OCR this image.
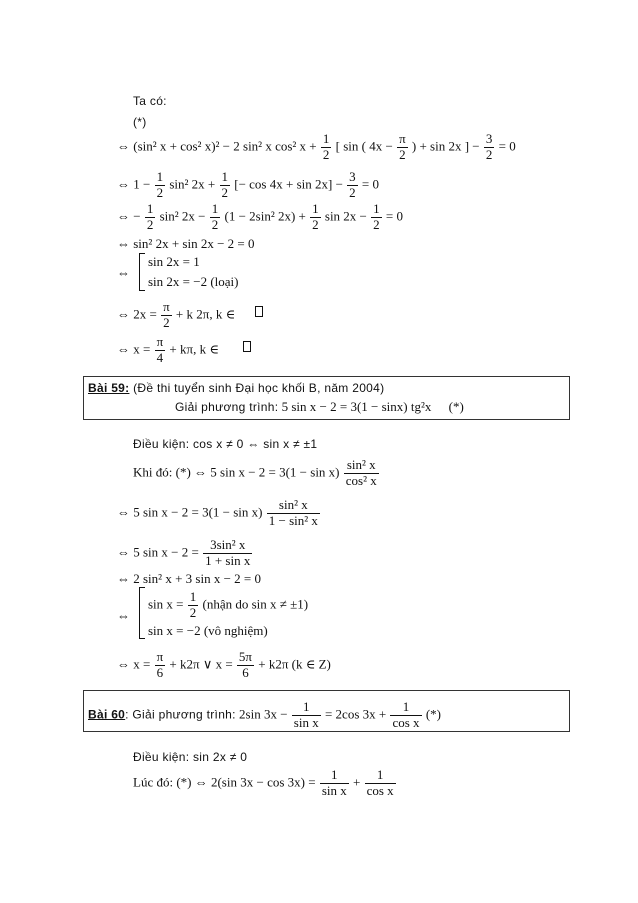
Ta có:
(*)
⇔ (sin² x + cos² x)² − 2 sin² x cos² $x + \frac{1}{2}$ [ sin ( $4x - \frac{\pi}{2}$ ) + sin 2x ] − $\frac{3}{2} = 0$
⇔ $1 - \frac{1}{2} \sin^2$ $2x + \frac{1}{2}$ [− $\cos 4x + \sin 2x] - \frac{3}{2} = 0$
⇔ − $\frac{1}{2} \sin^2$ $2x - \frac{1}{2} (1 - 2\sin^2$ $2x) + \frac{1}{2}$ $\sin 2x - \frac{1}{2} = 0$
⇔ sin² 2x + sin 2x − 2 = 0
⇔
sin 2x = 1
sin 2x = −2 (loại)
⇔ $2x = \frac{\pi}{2} + k$ 2π, k ∈
⇔ $x = \frac{\pi}{4} + k\pi$, k ∈
Bài 59: (Đề thi tuyển sinh Đại học khối B, năm 2004)
Giải phương trình: 5 sin x − 2 = 3(1 − sinx) tg²x (*)
Điều kiện: cos x ≠ 0 ⇔ sin x ≠ ±1
Khi đó: (*) ⇔ 5 $\sin x - 2 = 3(1 - \sin x) \frac{\text{sin² x}}{\text{cos² x}}$
⇔ 5 $\sin x - 2 = 3(1 - \sin x) \frac{\text{sin² x}}{\text{1 − sin² x}}$
⇔ 5 $\sin x - 2 = \frac{\text{3sin² x}}{\text{1 + sin x}}$
⇔ 2 sin² x + 3 sin x − 2 = 0
⇔
$\sin x = \frac{1}{2}$ (nhận do sin x ≠ ±1)
sin x = −2 (vô nghiệm)
⇔ $x = \frac{\pi}{6} + k2\pi$ ∨ $x = \frac{5\pi}{6} + k2\pi$ (k ∈ Z)
Bài 60: Giải phương trình: 2sin $3x - \frac{1}{\text{sin x}} = 2\cos$ $3x + \frac{1}{\text{cos x}}$ (*)
Điều kiện: sin 2x ≠ 0
Lúc đó: (*) ⇔ 2(sin $3x - \cos 3x) = \frac{1}{\text{sin x}} + \frac{1}{\text{cos x}}$
